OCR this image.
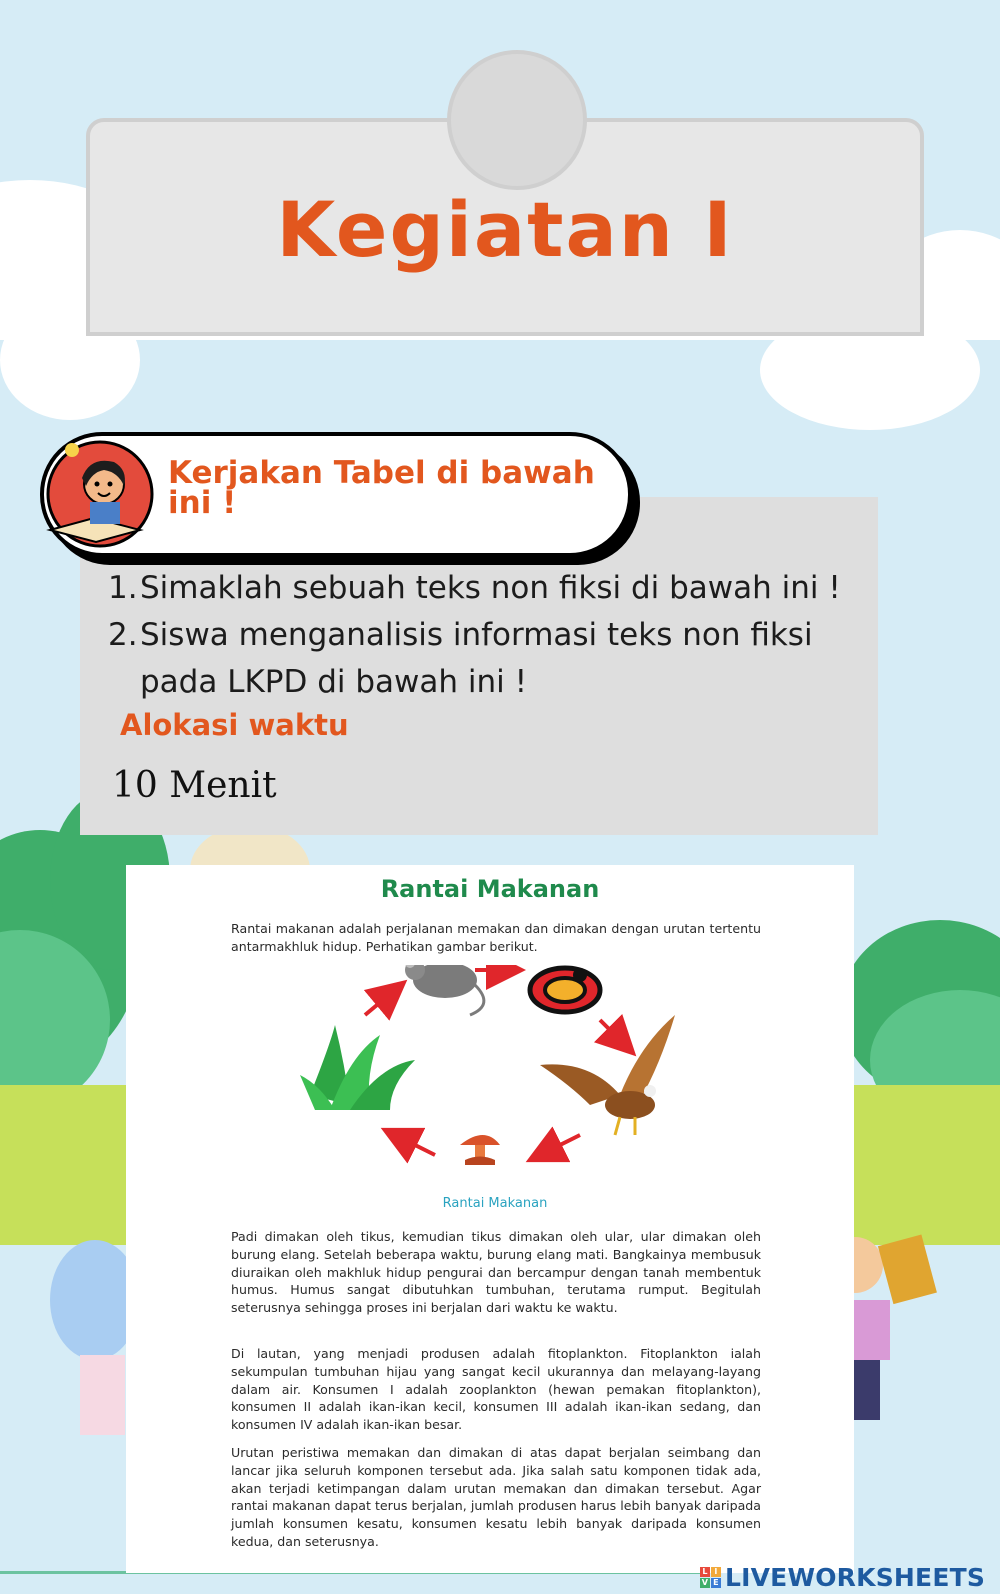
Kegiatan I
Kerjakan Tabel di bawah ini !
1. Simaklah sebuah teks non fiksi di bawah ini !
2. Siswa menganalisis informasi teks non fiksi pada LKPD di bawah ini !
Alokasi waktu
10 Menit
Rantai Makanan

Rantai makanan adalah perjalanan memakan dan dimakan dengan urutan tertentu antarmakhluk hidup. Perhatikan gambar berikut.

Rantai Makanan

Padi dimakan oleh tikus, kemudian tikus dimakan oleh ular, ular dimakan oleh burung elang. Setelah beberapa waktu, burung elang mati. Bangkainya membusuk diuraikan oleh makhluk hidup pengurai dan bercampur dengan tanah membentuk humus. Humus sangat dibutuhkan tumbuhan, terutama rumput. Begitulah seterusnya sehingga proses ini berjalan dari waktu ke waktu.

Di lautan, yang menjadi produsen adalah fitoplankton. Fitoplankton ialah sekumpulan tumbuhan hijau yang sangat kecil ukurannya dan melayang-layang dalam air. Konsumen I adalah zooplankton (hewan pemakan fitoplankton), konsumen II adalah ikan-ikan kecil, konsumen III adalah ikan-ikan sedang, dan konsumen IV adalah ikan-ikan besar.

Urutan peristiwa memakan dan dimakan di atas dapat berjalan seimbang dan lancar jika seluruh komponen tersebut ada. Jika salah satu komponen tidak ada, akan terjadi ketimpangan dalam urutan memakan dan dimakan tersebut. Agar rantai makanan dapat terus berjalan, jumlah produsen harus lebih banyak daripada jumlah konsumen kesatu, konsumen kesatu lebih banyak daripada konsumen kedua, dan seterusnya.

L I
V E LIVEWORKSHEETS
